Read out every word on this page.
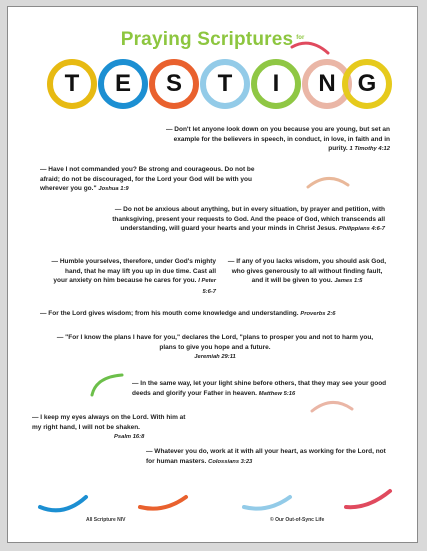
Praying Scriptures $^{for}$
T	E	S	T	I	N G
— Don't let anyone look down on you because you are young, but set an example for the believers in speech, in conduct, in love, in faith and in purity. 1 Timothy 4:12
— Have I not commanded you? Be strong and courageous. Do not be afraid; do not be discouraged, for the Lord your God will be with you wherever you go." Joshua 1:9
— Do not be anxious about anything, but in every situation, by prayer and petition, with thanksgiving, present your requests to God. And the peace of God, which transcends all understanding, will guard your hearts and your minds in Christ Jesus. Philippians 4:6-7
— Humble yourselves, therefore, under God's mighty hand, that he may lift you up in due time. Cast all your anxiety on him because he cares for you. I Peter 5:6-7
— If any of you lacks wisdom, you should ask God, who gives generously to all without finding fault, and it will be given to you. James 1:5
— For the Lord gives wisdom; from his mouth come knowledge and understanding. Proverbs 2:6
— "For I know the plans I have for you," declares the Lord, "plans to prosper you and not to harm you, plans to give you hope and a future.
Jeremiah 29:11
— In the same way, let your light shine before others, that they may see your good deeds and glorify your Father in heaven. Matthew 5:16
— I keep my eyes always on the Lord. With him at my right hand, I will not be shaken.
Psalm 16:8
— Whatever you do, work at it with all your heart, as working for the Lord, not for human masters. Colossians 3:23
All Scripture NIV	© Our Out-of-Sync Life
